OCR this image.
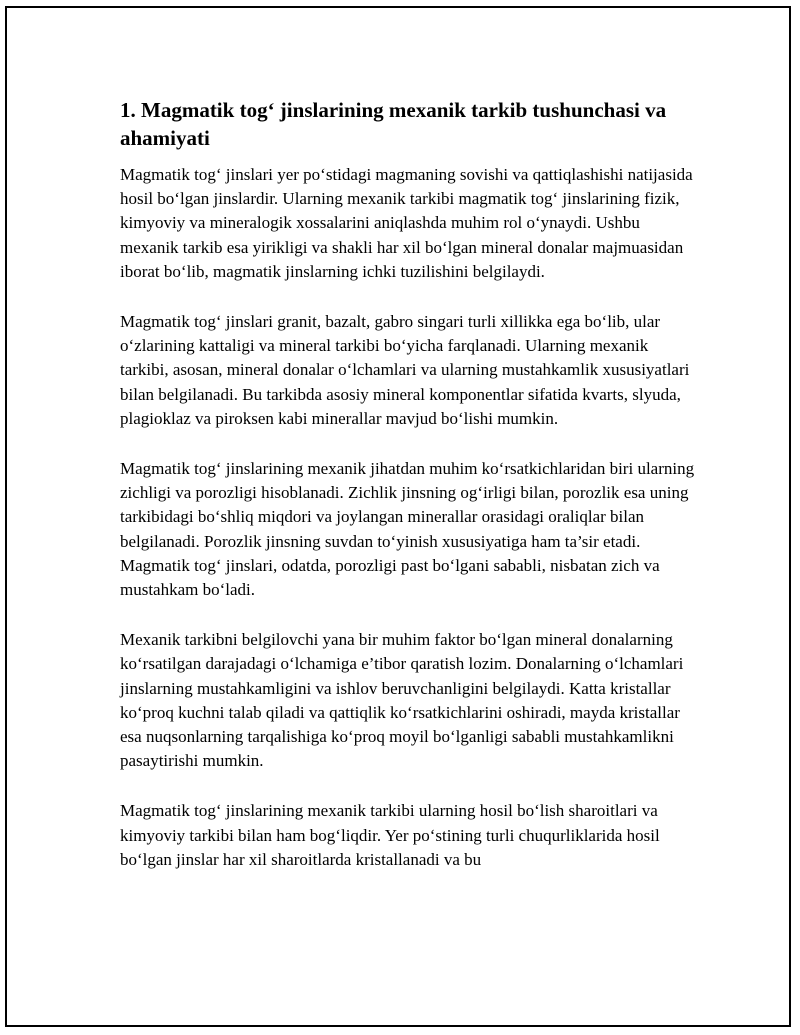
1. Magmatik tog‘ jinslarining mexanik tarkib tushunchasi va ahamiyati

Magmatik tog‘ jinslari yer po‘stidagi magmaning sovishi va qattiqlashishi natijasida hosil bo‘lgan jinslardir. Ularning mexanik tarkibi magmatik tog‘ jinslarining fizik, kimyoviy va mineralogik xossalarini aniqlashda muhim rol o‘ynaydi. Ushbu mexanik tarkib esa yirikligi va shakli har xil bo‘lgan mineral donalar majmuasidan iborat bo‘lib, magmatik jinslarning ichki tuzilishini belgilaydi.

Magmatik tog‘ jinslari granit, bazalt, gabro singari turli xillikka ega bo‘lib, ular o‘zlarining kattaligi va mineral tarkibi bo‘yicha farqlanadi. Ularning mexanik tarkibi, asosan, mineral donalar o‘lchamlari va ularning mustahkamlik xususiyatlari bilan belgilanadi. Bu tarkibda asosiy mineral komponentlar sifatida kvarts, slyuda, plagioklaz va piroksen kabi minerallar mavjud bo‘lishi mumkin.

Magmatik tog‘ jinslarining mexanik jihatdan muhim ko‘rsatkichlaridan biri ularning zichligi va porozligi hisoblanadi. Zichlik jinsning og‘irligi bilan, porozlik esa uning tarkibidagi bo‘shliq miqdori va joylangan minerallar orasidagi oraliqlar bilan belgilanadi. Porozlik jinsning suvdan to‘yinish xususiyatiga ham ta’sir etadi. Magmatik tog‘ jinslari, odatda, porozligi past bo‘lgani sababli, nisbatan zich va mustahkam bo‘ladi.

Mexanik tarkibni belgilovchi yana bir muhim faktor bo‘lgan mineral donalarning ko‘rsatilgan darajadagi o‘lchamiga e’tibor qaratish lozim. Donalarning o‘lchamlari jinslarning mustahkamligini va ishlov beruvchanligini belgilaydi. Katta kristallar ko‘proq kuchni talab qiladi va qattiqlik ko‘rsatkichlarini oshiradi, mayda kristallar esa nuqsonlarning tarqalishiga ko‘proq moyil bo‘lganligi sababli mustahkamlikni pasaytirishi mumkin.

Magmatik tog‘ jinslarining mexanik tarkibi ularning hosil bo‘lish sharoitlari va kimyoviy tarkibi bilan ham bog‘liqdir. Yer po‘stining turli chuqurliklarida hosil bo‘lgan jinslar har xil sharoitlarda kristallanadi va bu
